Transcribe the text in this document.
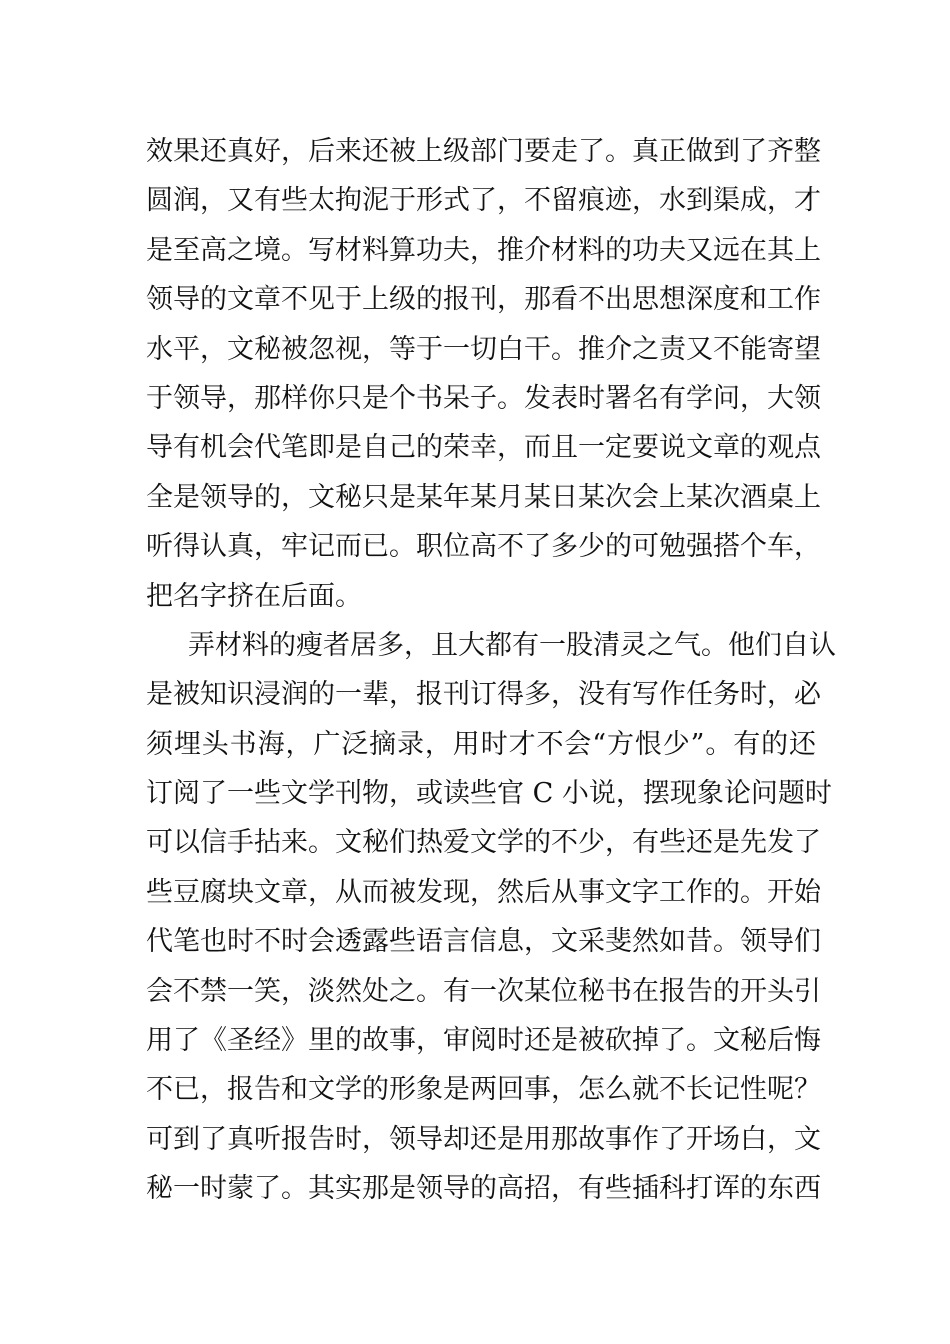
效果还真好，后来还被上级部门要走了。真正做到了齐整
圆润，又有些太拘泥于形式了，不留痕迹，水到渠成，才
是至高之境。写材料算功夫，推介材料的功夫又远在其上
领导的文章不见于上级的报刊，那看不出思想深度和工作
水平，文秘被忽视，等于一切白干。推介之责又不能寄望
于领导，那样你只是个书呆子。发表时署名有学问，大领
导有机会代笔即是自己的荣幸，而且一定要说文章的观点
全是领导的，文秘只是某年某月某日某次会上某次酒桌上
听得认真，牢记而已。职位高不了多少的可勉强搭个车，
把名字挤在后面。
弄材料的瘦者居多，且大都有一股清灵之气。他们自认
是被知识浸润的一辈，报刊订得多，没有写作任务时，必
须埋头书海，广泛摘录，用时才不会“方恨少”。有的还
订阅了一些文学刊物，或读些官 C 小说，摆现象论问题时
可以信手拈来。文秘们热爱文学的不少，有些还是先发了
些豆腐块文章，从而被发现，然后从事文字工作的。开始
代笔也时不时会透露些语言信息，文采斐然如昔。领导们
会不禁一笑，淡然处之。有一次某位秘书在报告的开头引
用了《圣经》里的故事，审阅时还是被砍掉了。文秘后悔
不已，报告和文学的形象是两回事，怎么就不长记性呢？
可到了真听报告时，领导却还是用那故事作了开场白，文
秘一时蒙了。其实那是领导的高招，有些插科打诨的东西
